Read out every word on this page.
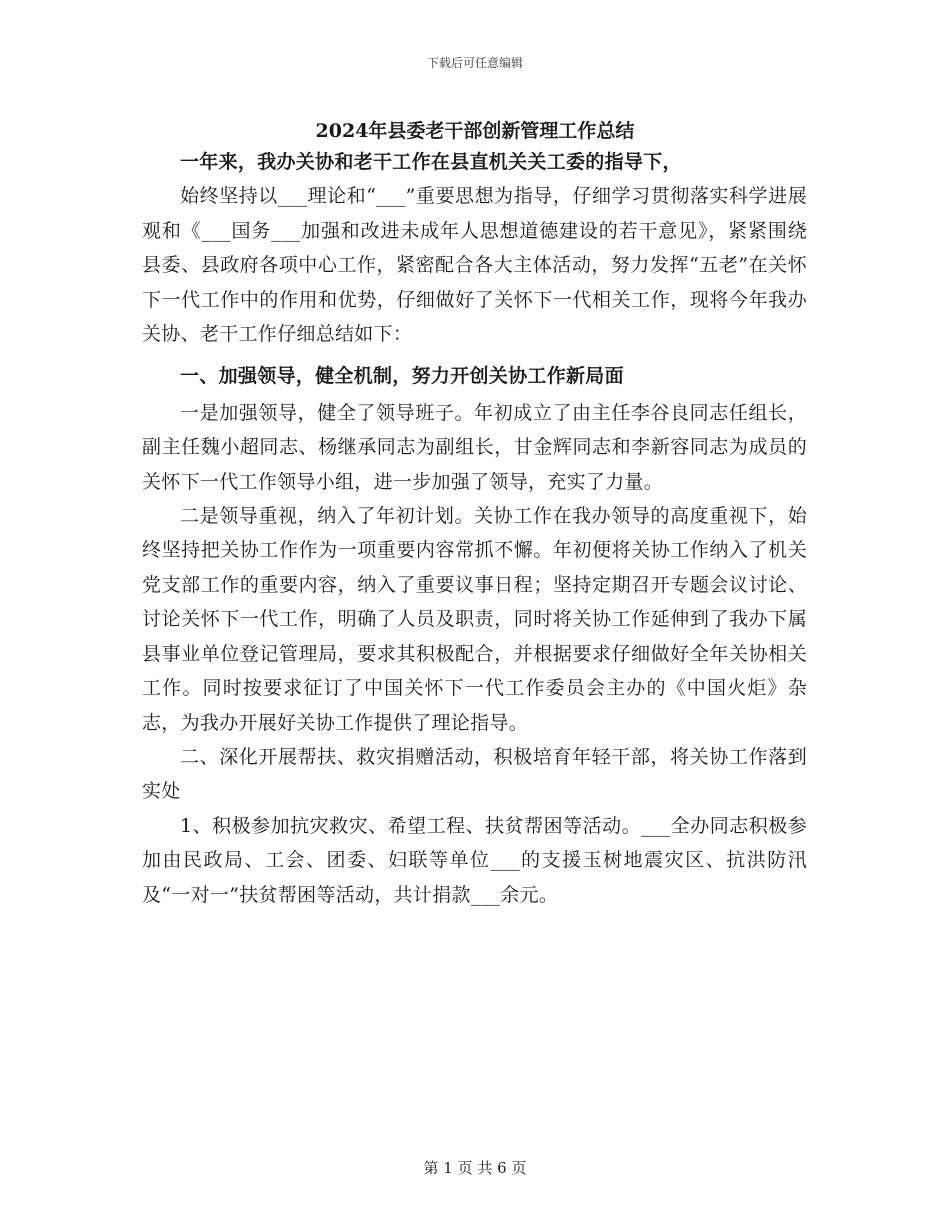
下载后可任意编辑
2024年县委老干部创新管理工作总结

一年来，我办关协和老干工作在县直机关关工委的指导下，

始终坚持以___理论和“___”重要思想为指导，仔细学习贯彻落实科学进展观和《___国务___加强和改进未成年人思想道德建设的若干意见》，紧紧围绕县委、县政府各项中心工作，紧密配合各大主体活动，努力发挥“五老”在关怀下一代工作中的作用和优势，仔细做好了关怀下一代相关工作，现将今年我办关协、老干工作仔细总结如下：

一、加强领导，健全机制，努力开创关协工作新局面

一是加强领导，健全了领导班子。年初成立了由主任李谷良同志任组长，副主任魏小超同志、杨继承同志为副组长，甘金辉同志和李新容同志为成员的关怀下一代工作领导小组，进一步加强了领导，充实了力量。

二是领导重视，纳入了年初计划。关协工作在我办领导的高度重视下，始终坚持把关协工作作为一项重要内容常抓不懈。年初便将关协工作纳入了机关党支部工作的重要内容，纳入了重要议事日程；坚持定期召开专题会议讨论、讨论关怀下一代工作，明确了人员及职责，同时将关协工作延伸到了我办下属县事业单位登记管理局，要求其积极配合，并根据要求仔细做好全年关协相关工作。同时按要求征订了中国关怀下一代工作委员会主办的《中国火炬》杂志，为我办开展好关协工作提供了理论指导。

二、深化开展帮扶、救灾捐赠活动，积极培育年轻干部，将关协工作落到实处

1、积极参加抗灾救灾、希望工程、扶贫帮困等活动。___全办同志积极参加由民政局、工会、团委、妇联等单位___的支援玉树地震灾区、抗洪防汛及“一对一”扶贫帮困等活动，共计捐款___余元。

第 1 页 共 6 页
